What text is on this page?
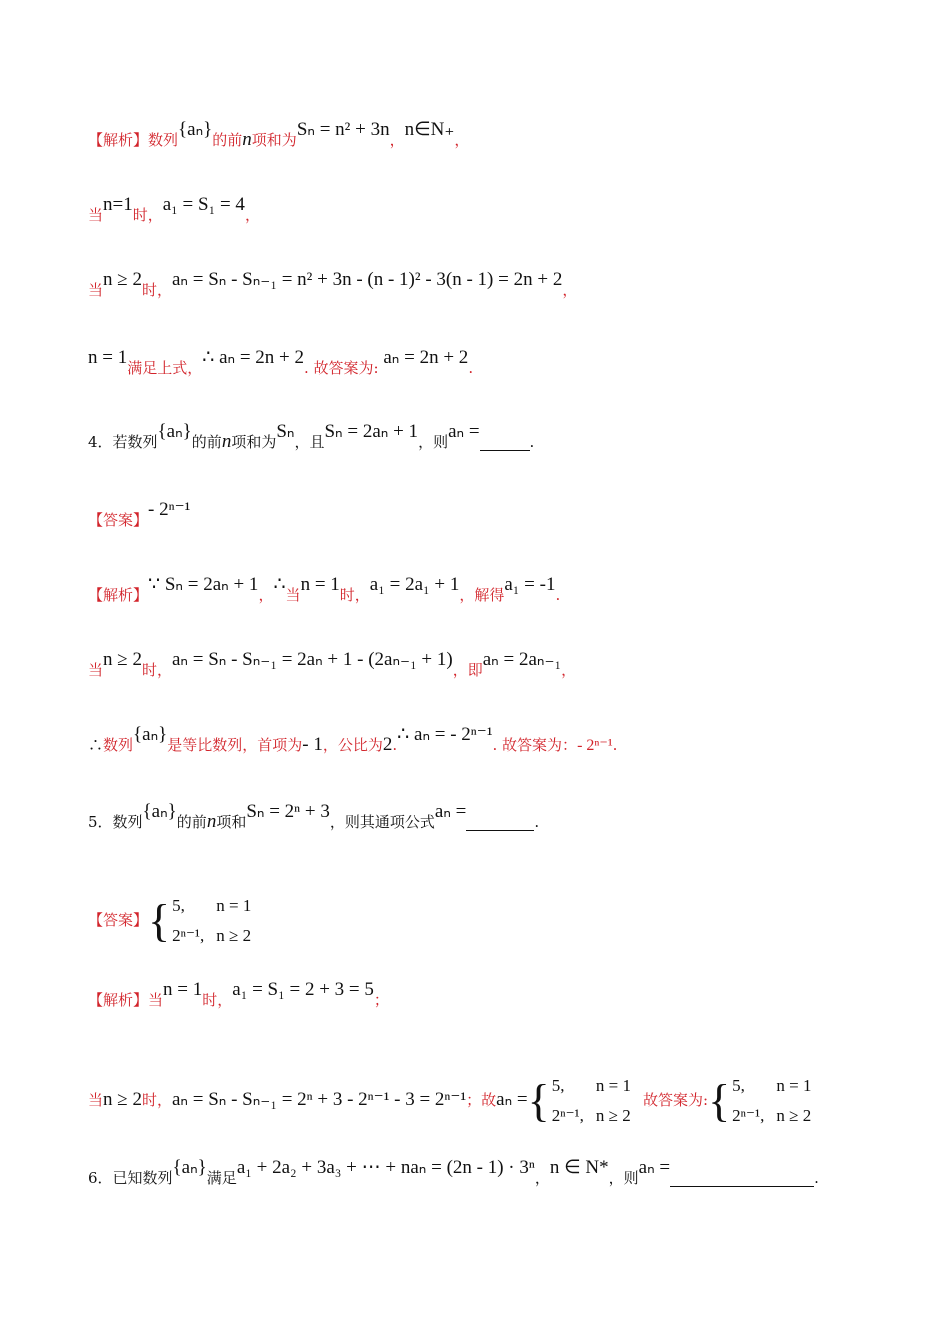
【解析】数列{aₙ}的前n项和为Sₙ = n² + 3n，n∈N₊，
当n=1时，a₁ = S₁ = 4，
当n ≥ 2时，aₙ = Sₙ - Sₙ₋₁ = n² + 3n - (n - 1)² - 3(n - 1) = 2n + 2，
n = 1满足上式，∴ aₙ = 2n + 2. 故答案为: aₙ = 2n + 2.
4．若数列{aₙ}的前n项和为Sₙ，且Sₙ = 2aₙ + 1，则aₙ =	.
【答案】- 2ⁿ⁻¹
【解析】∵ Sₙ = 2aₙ + 1，∴当n = 1时，a₁ = 2a₁ + 1，解得a₁ = -1.
当n ≥ 2时，aₙ = Sₙ - Sₙ₋₁ = 2aₙ + 1 - (2aₙ₋₁ + 1)，即aₙ = 2aₙ₋₁，
∴数列{aₙ}是等比数列，首项为- 1，公比为2.∴ aₙ = - 2ⁿ⁻¹. 故答案为：- 2ⁿ⁻¹.
5．数列{aₙ}的前n项和Sₙ = 2ⁿ + 3，则其通项公式aₙ =	.
【答案】{ 5,	n = 1
2ⁿ⁻¹,	n ≥ 2
【解析】当n = 1时，a₁ = S₁ = 2 + 3 = 5；
当n ≥ 2时，aₙ = Sₙ - Sₙ₋₁ = 2ⁿ + 3 - 2ⁿ⁻¹ - 3 = 2ⁿ⁻¹；故aₙ ={ 5,	n = 1
2ⁿ⁻¹,	n ≥ 2故答案为:{ 5,	n = 1
2ⁿ⁻¹,	n ≥ 2
6．已知数列{aₙ}满足a₁ + 2a₂ + 3a₃ + ⋯ + naₙ = (2n - 1) · 3ⁿ，n ∈ N*，则aₙ =	.
